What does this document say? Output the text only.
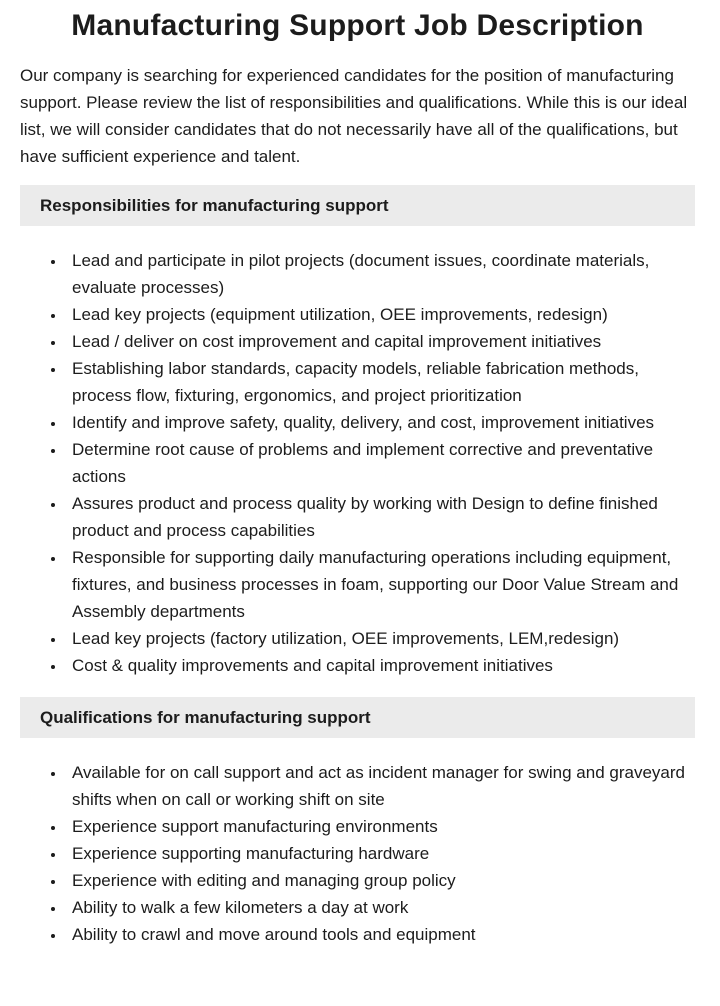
Manufacturing Support Job Description

Our company is searching for experienced candidates for the position of manufacturing support. Please review the list of responsibilities and qualifications. While this is our ideal list, we will consider candidates that do not necessarily have all of the qualifications, but have sufficient experience and talent.

Responsibilities for manufacturing support
• Lead and participate in pilot projects (document issues, coordinate materials, evaluate processes)
• Lead key projects (equipment utilization, OEE improvements, redesign)
• Lead / deliver on cost improvement and capital improvement initiatives
• Establishing labor standards, capacity models, reliable fabrication methods, process flow, fixturing, ergonomics, and project prioritization
• Identify and improve safety, quality, delivery, and cost, improvement initiatives
• Determine root cause of problems and implement corrective and preventative actions
• Assures product and process quality by working with Design to define finished product and process capabilities
• Responsible for supporting daily manufacturing operations including equipment, fixtures, and business processes in foam, supporting our Door Value Stream and Assembly departments
• Lead key projects (factory utilization, OEE improvements, LEM,redesign)
• Cost & quality improvements and capital improvement initiatives
Qualifications for manufacturing support
• Available for on call support and act as incident manager for swing and graveyard shifts when on call or working shift on site
• Experience support manufacturing environments
• Experience supporting manufacturing hardware
• Experience with editing and managing group policy
• Ability to walk a few kilometers a day at work
• Ability to crawl and move around tools and equipment
